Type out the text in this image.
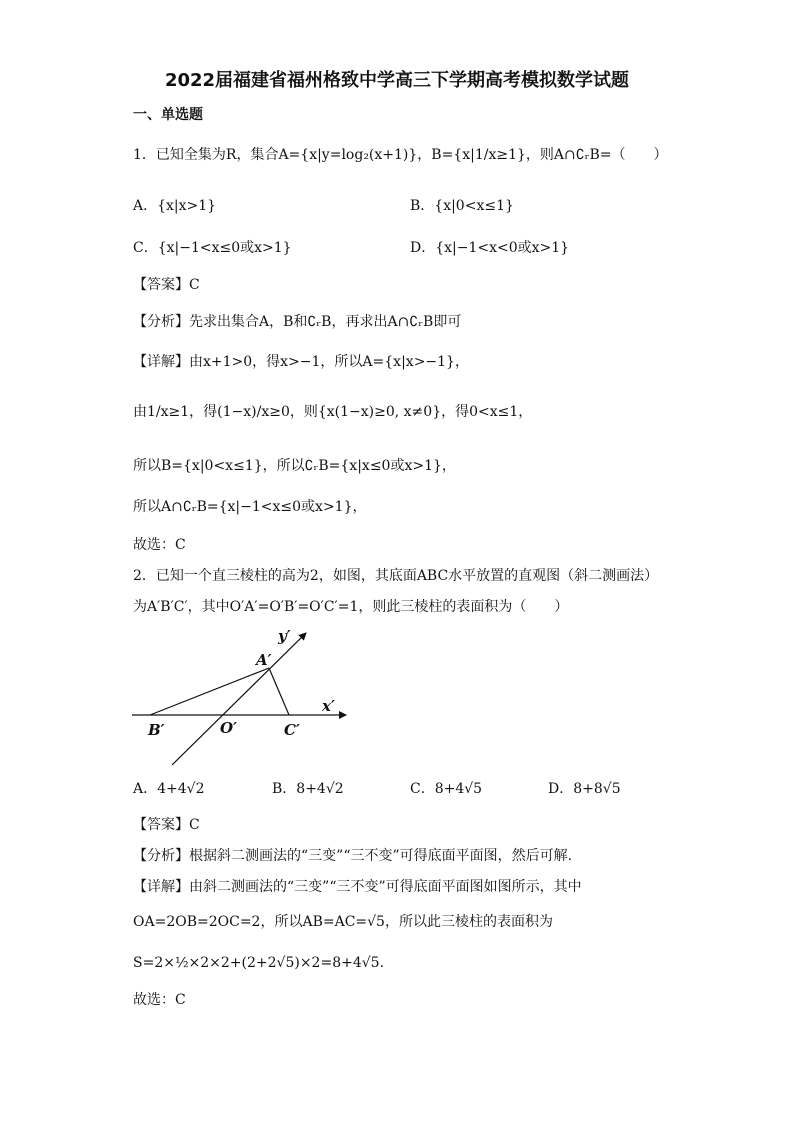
2022届福建省福州格致中学高三下学期高考模拟数学试题
一、单选题
1．已知全集为R，集合A={x|y=log₂(x+1)}，B={x|1/x≥1}，则A∩∁ᵣB=（　　）
A．{x|x>1}	B．{x|0<x≤1}
C．{x|−1<x≤0或x>1}	D．{x|−1<x<0或x>1}
【答案】C
【分析】先求出集合A，B和∁ᵣB，再求出A∩∁ᵣB即可
【详解】由x+1>0，得x>−1，所以A={x|x>−1}，
由1/x≥1，得(1−x)/x≥0，则{x(1−x)≥0, x≠0}，得0<x≤1，
所以B={x|0<x≤1}，所以∁ᵣB={x|x≤0或x>1}，
所以A∩∁ᵣB={x|−1<x≤0或x>1}，
故选：C
2．已知一个直三棱柱的高为2，如图，其底面ABC水平放置的直观图（斜二测画法）
为A′B′C′，其中O′A′=O′B′=O′C′=1，则此三棱柱的表面积为（　　）
y′
x′
A′
B′	O′	C′
A．4+4√2	B．8+4√2	C．8+4√5	D．8+8√5
【答案】C
【分析】根据斜二测画法的“三变”“三不变”可得底面平面图，然后可解.
【详解】由斜二测画法的“三变”“三不变”可得底面平面图如图所示，其中
OA=2OB=2OC=2，所以AB=AC=√5，所以此三棱柱的表面积为
S=2×½×2×2+(2+2√5)×2=8+4√5.
故选：C
